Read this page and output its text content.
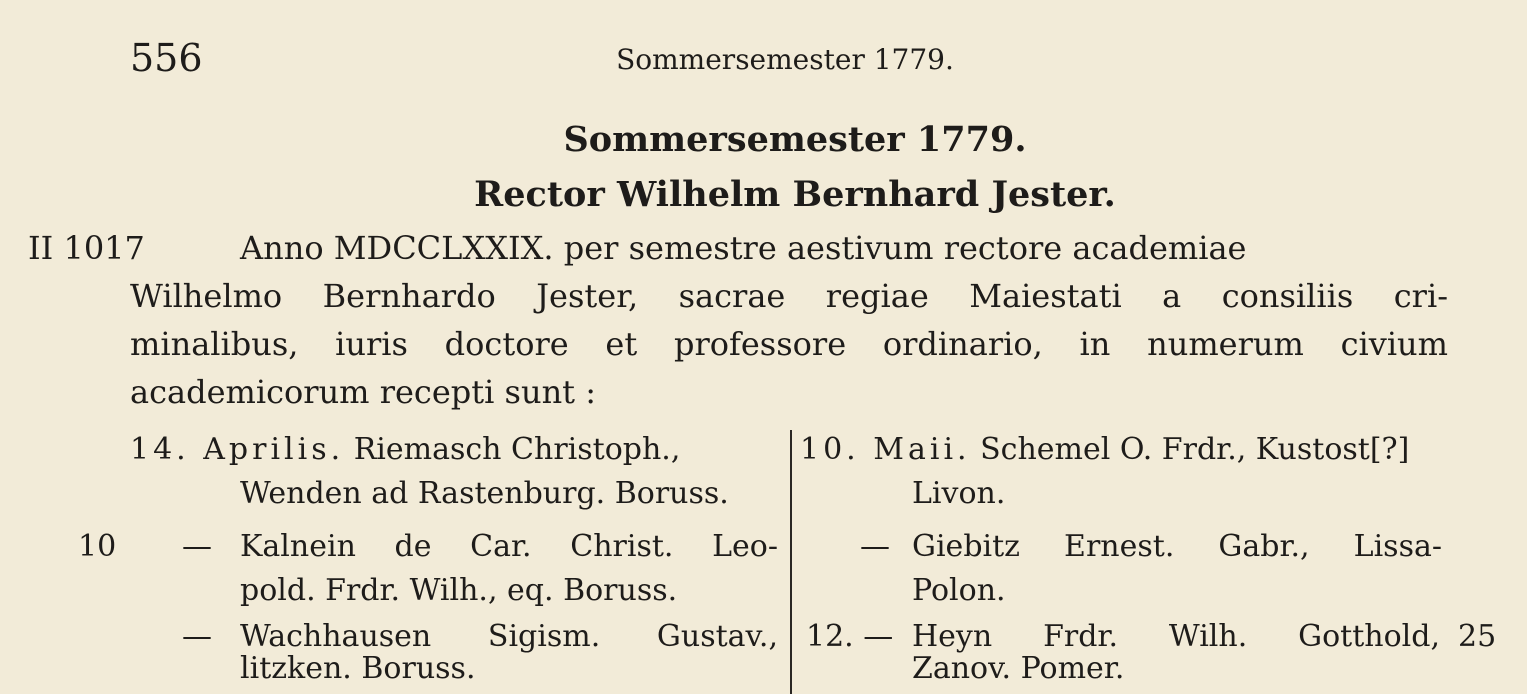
556	Sommersemester 1779.
Sommersemester 1779.
Rector Wilhelm Bernhard Jester.
II 1017	Anno MDCCLXXIX. per semestre aestivum rectore academiae
Wilhelmo Bernhardo Jester, sacrae regiae Maiestati a consiliis cri-
minalibus, iuris doctore et professore ordinario, in numerum civium
academicorum recepti sunt :
14. Aprilis. Riemasch Christoph.,
Wenden ad Rastenburg. Boruss.
10 — Kalnein de Car. Christ. Leo-
pold. Frdr. Wilh., eq. Boruss.
— Wachhausen Sigism. Gustav.,
litzken. Boruss.
10. Maii. Schemel O. Frdr., Kustost[?]
Livon.
— Giebitz Ernest. Gabr., Lissa-
Polon.
12. — Heyn Frdr. Wilh. Gotthold, 25
Zanov. Pomer.
